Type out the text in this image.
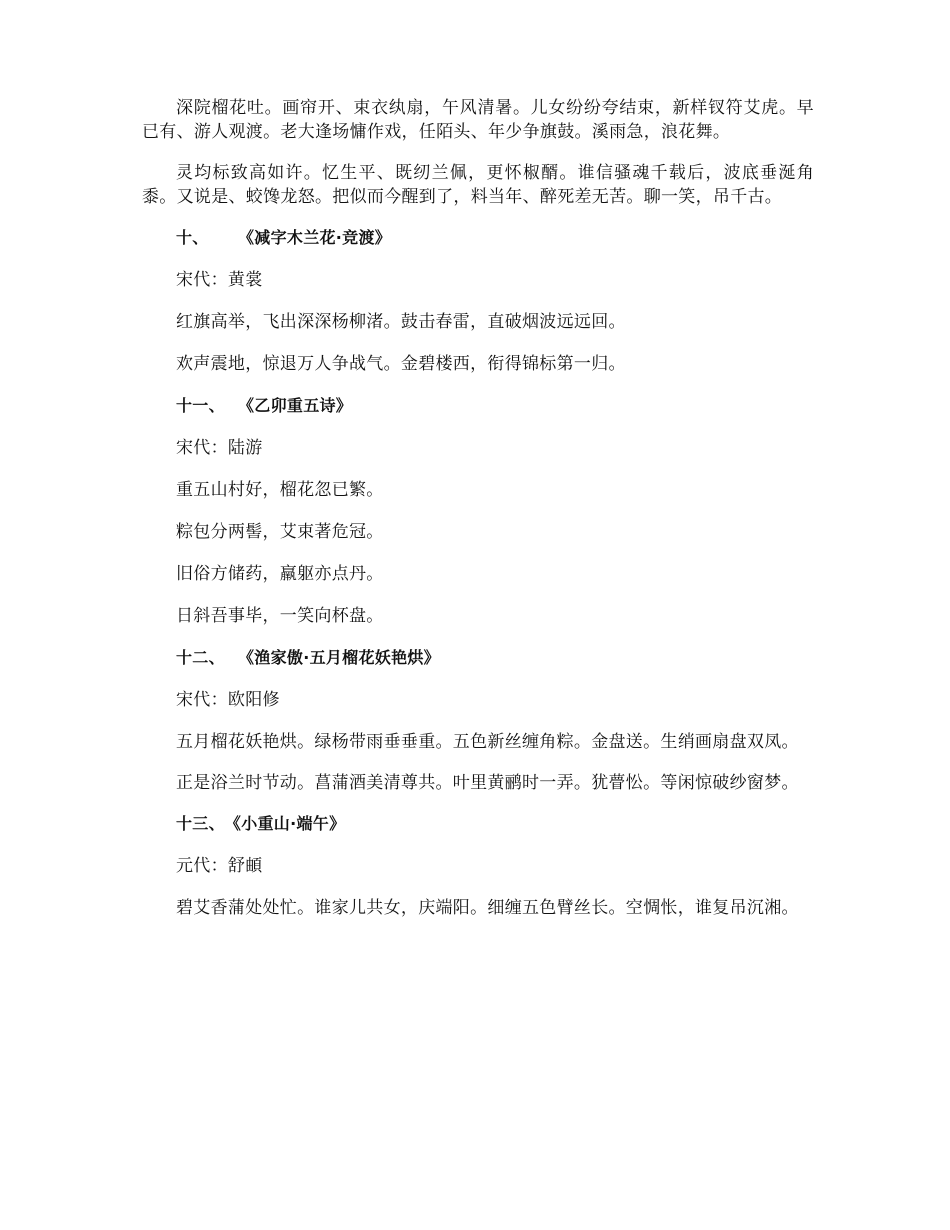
深院榴花吐。画帘开、束衣纨扇，午风清暑。儿女纷纷夸结束，新样钗符艾虎。早已有、游人观渡。老大逢场慵作戏，任陌头、年少争旗鼓。溪雨急，浪花舞。

灵均标致高如许。忆生平、既纫兰佩，更怀椒醑。谁信骚魂千载后，波底垂涎角黍。又说是、蛟馋龙怒。把似而今醒到了，料当年、醉死差无苦。聊一笑，吊千古。

十、 《减字木兰花·竞渡》
宋代：黄裳
红旗高举，飞出深深杨柳渚。鼓击春雷，直破烟波远远回。
欢声震地，惊退万人争战气。金碧楼西，衔得锦标第一归。
十一、 《乙卯重五诗》
宋代：陆游
重五山村好，榴花忽已繁。
粽包分两髻，艾束著危冠。
旧俗方储药，羸躯亦点丹。
日斜吾事毕，一笑向杯盘。
十二、 《渔家傲·五月榴花妖艳烘》
宋代：欧阳修

五月榴花妖艳烘。绿杨带雨垂垂重。五色新丝缠角粽。金盘送。生绡画扇盘双凤。

正是浴兰时节动。菖蒲酒美清尊共。叶里黄鹂时一弄。犹瞢忪。等闲惊破纱窗梦。

十三、《小重山·端午》
元代：舒頔

碧艾香蒲处处忙。谁家儿共女，庆端阳。细缠五色臂丝长。空惆怅，谁复吊沉湘。
